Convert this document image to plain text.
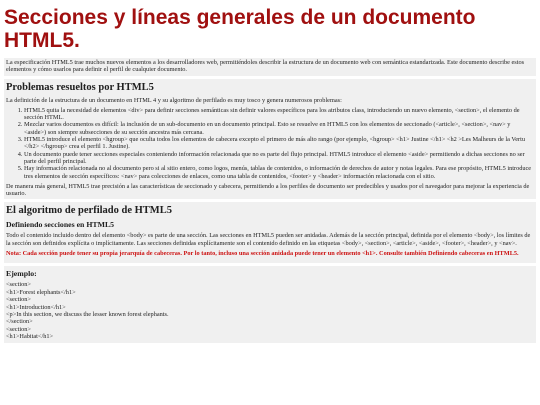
Secciones y líneas generales de un documento HTML5.

La especificación HTML5 trae muchos nuevos elementos a los desarrolladores web, permitiéndoles describir la estructura de un documento web con semántica estandarizada. Este documento describe estos elementos y cómo usarlos para definir el perfil de cualquier documento.

Problemas resueltos por HTML5

La definición de la estructura de un documento en HTML 4 y su algoritmo de perfilado es muy tosco y genera numerosos problemas:

1. HTML5 quita la necesidad de elementos <div> para definir secciones semánticas sin definir valores específicos para los atributos class, introduciendo un nuevo elemento, <section>, el elemento de sección HTML.
2. Mezclar varios documentos es difícil: la inclusión de un sub-documento en un documento principal. Esto se resuelve en HTML5 con los elementos de seccionado (<article>, <section>, <nav> y <aside>) son siempre subsecciones de su sección ancestra más cercana.
3. HTML5 introduce el elemento <hgroup> que oculta todos los elementos de cabecera excepto el primero de más alto rango (por ejemplo, <hgroup> <h1> Justine </h1> <h2 >Les Malheurs de la Vertu </h2> </hgroup> crea el perfil 1. Justine).
4. Un documento puede tener secciones especiales conteniendo información relacionada que no es parte del flujo principal. HTML5 introduce el elemento <aside> permitiendo a dichas secciones no ser parte del perfil principal.
5. Hay información relacionada no al documento pero si al sitio entero, como logos, menús, tablas de contenidos, o información de derechos de autor y notas legales. Para ese propósito, HTML5 introduce tres elementos de sección específicos: <nav> para colecciones de enlaces, como una tabla de contenidos, <footer> y <header> información relacionada con el sitio.

De manera más general, HTML5 trae precisión a las características de seccionado y cabecera, permitiendo a los perfiles de documento ser predecibles y usados por el navegador para mejorar la experiencia de usuario.

El algoritmo de perfilado de HTML5
Definiendo secciones en HTML5

Todo el contenido incluido dentro del elemento <body> es parte de una sección. Las secciones en HTML5 pueden ser anidadas. Además de la sección principal, definida por el elemento <body>, los límites de la sección son definidos explícita o implícitamente. Las secciones definidas explícitamente son el contenido definido en las etiquetas <body>, <section>, <article>, <aside>, <footer>, <header>, y <nav>.

Nota: Cada sección puede tener su propia jerarquía de cabeceras. Por lo tanto, incluso una sección anidada puede tener un elemento <h1>. Consulte también Definiendo cabeceras en HTML5.

Ejemplo:
<section>
<h1>Forest elephants</h1>
<section>
<h1>Introduction</h1>
<p>In this section, we discuss the lesser known forest elephants.
</section>
<section>
<h1>Habitat</h1>
